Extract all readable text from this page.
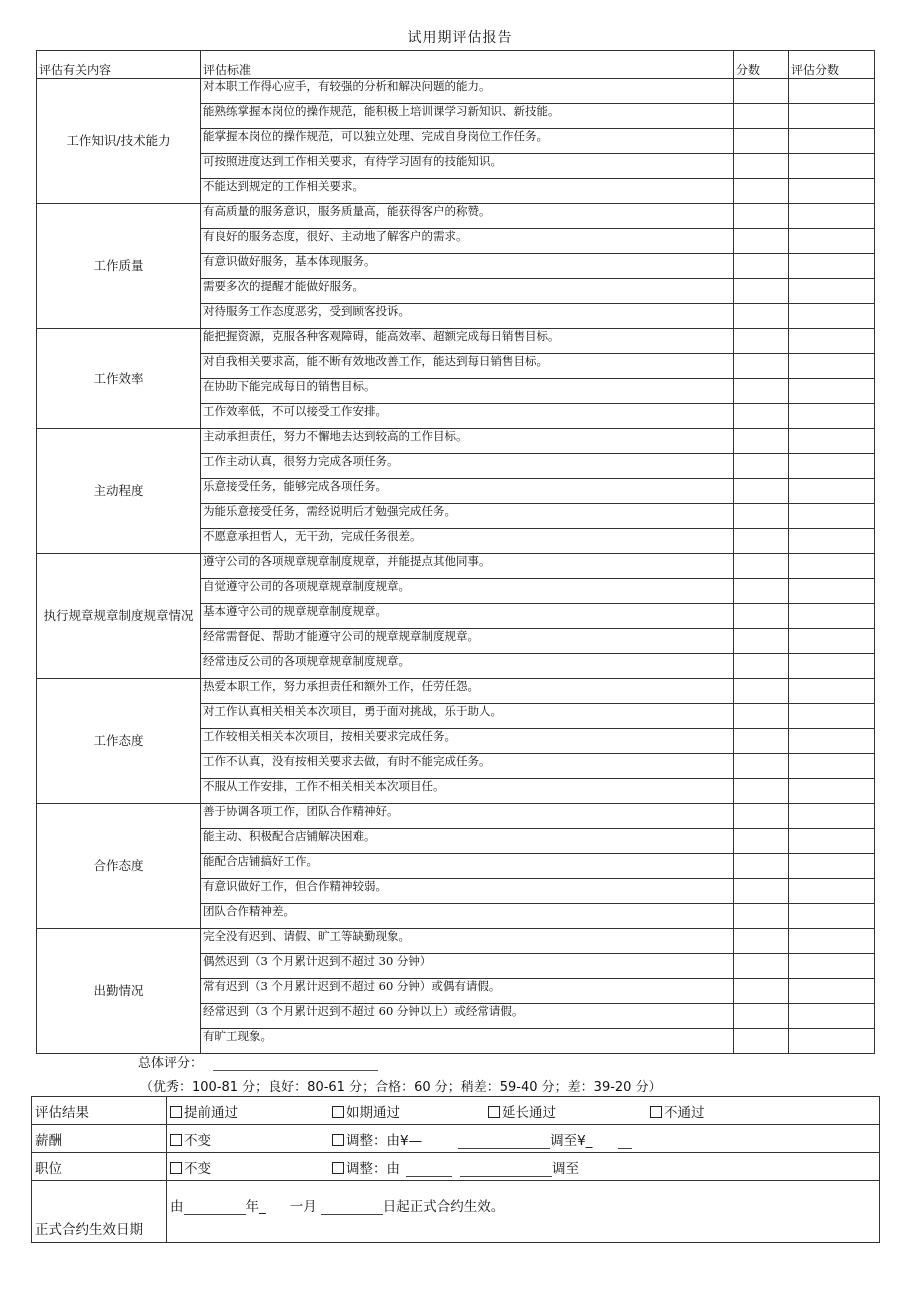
试用期评估报告
评估有关内容	评估标准	分数	评估分数
工作知识/技术能力	对本职工作得心应手，有较强的分析和解决问题的能力。		
	能熟练掌握本岗位的操作规范，能积极上培训课学习新知识、新技能。		
	能掌握本岗位的操作规范，可以独立处理、完成自身岗位工作任务。		
	可按照进度达到工作相关要求，有待学习固有的技能知识。		
	不能达到规定的工作相关要求。		
工作质量	有高质量的服务意识，服务质量高，能获得客户的称赞。		
	有良好的服务态度，很好、主动地了解客户的需求。		
	有意识做好服务，基本体现服务。		
	需要多次的提醒才能做好服务。		
	对待服务工作态度恶劣，受到顾客投诉。		
工作效率	能把握资源，克服各种客观障碍，能高效率、超额完成每日销售目标。		
	对自我相关要求高，能不断有效地改善工作，能达到每日销售目标。		
	在协助下能完成每日的销售目标。		
	工作效率低，不可以接受工作安排。		
主动程度	主动承担责任，努力不懈地去达到较高的工作目标。		
	工作主动认真，很努力完成各项任务。		
	乐意接受任务，能够完成各项任务。		
	为能乐意接受任务，需经说明后才勉强完成任务。		
	不愿意承担哲人，无干劲，完成任务很差。		
执行规章规章制度规章情况	遵守公司的各项规章规章制度规章，并能提点其他同事。		
	自觉遵守公司的各项规章规章制度规章。		
	基本遵守公司的规章规章制度规章。		
	经常需督促、帮助才能遵守公司的规章规章制度规章。		
	经常违反公司的各项规章规章制度规章。		
工作态度	热爱本职工作，努力承担责任和额外工作，任劳任怨。		
	对工作认真相关相关本次项目，勇于面对挑战，乐于助人。		
	工作较相关相关本次项目，按相关要求完成任务。		
	工作不认真，没有按相关要求去做，有时不能完成任务。		
	不服从工作安排，工作不相关相关本次项目任。		
合作态度	善于协调各项工作，团队合作精神好。		
	能主动、积极配合店铺解决困难。		
	能配合店铺搞好工作。		
	有意识做好工作，但合作精神较弱。		
	团队合作精神差。		
出勤情况	完全没有迟到、请假、旷工等缺勤现象。		
	偶然迟到（3 个月累计迟到不超过 30 分钟）		
	常有迟到（3 个月累计迟到不超过 60 分钟）或偶有请假。		
	经常迟到（3 个月累计迟到不超过 60 分钟以上）或经常请假。		
	有旷工现象。		
总体评分：
（优秀：100-81 分；良好：80-61 分；合格：60 分；稍差：59-40 分；差：39-20 分）
评估结果	提前通过 如期通过 延长通过 不通过
薪酬	不变 调整：由¥— 调至¥_
职位	不变 调整：由 调至
正式合约生效日期	由 年_ 一月 日起正式合约生效。
